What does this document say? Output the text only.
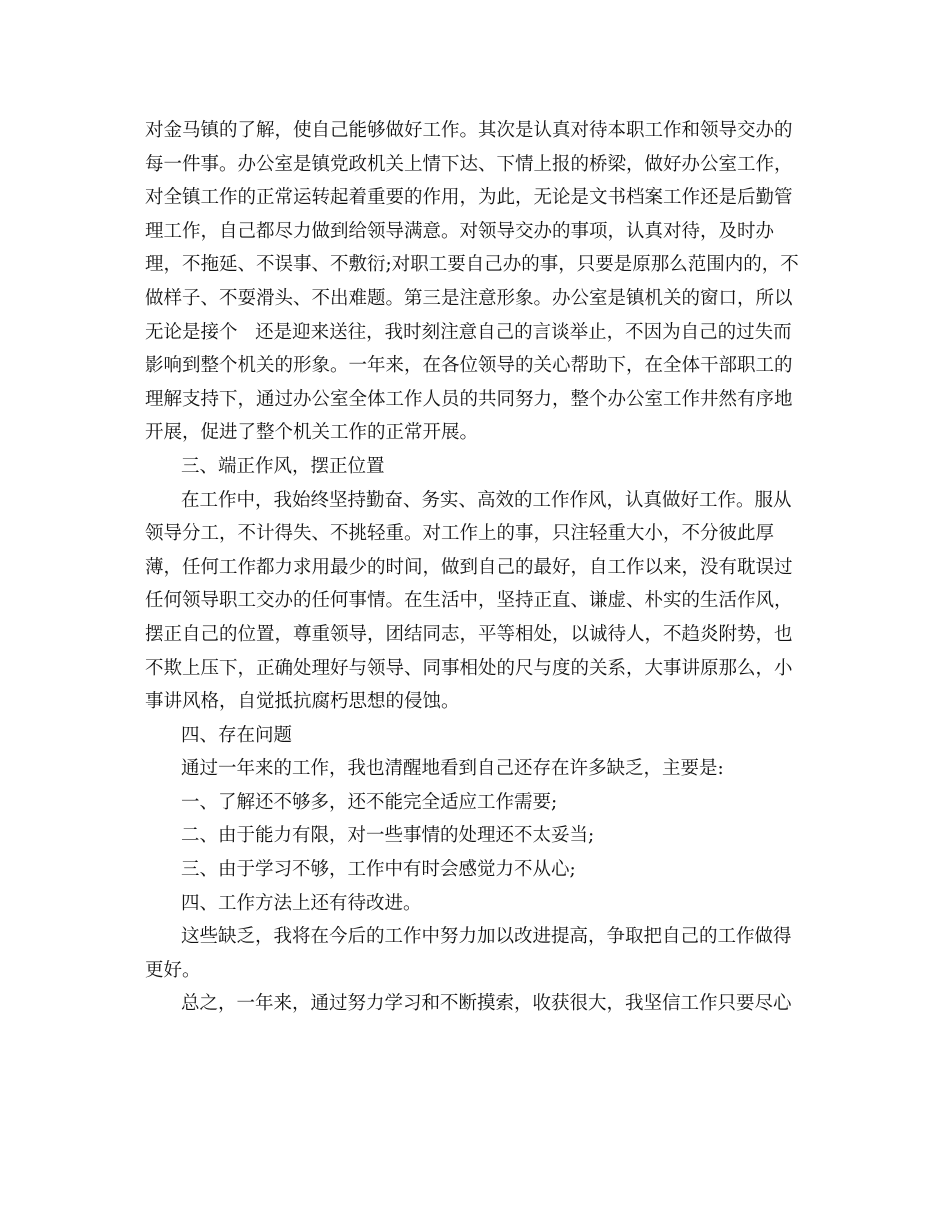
对金马镇的了解，使自己能够做好工作。其次是认真对待本职工作和领导交办的
每一件事。办公室是镇党政机关上情下达、下情上报的桥梁，做好办公室工作，
对全镇工作的正常运转起着重要的作用，为此，无论是文书档案工作还是后勤管
理工作，自己都尽力做到给领导满意。对领导交办的事项，认真对待，及时办
理，不拖延、不误事、不敷衍;对职工要自己办的事，只要是原那么范围内的，不
做样子、不耍滑头、不出难题。第三是注意形象。办公室是镇机关的窗口，所以
无论是接个   还是迎来送往，我时刻注意自己的言谈举止，不因为自己的过失而
影响到整个机关的形象。一年来，在各位领导的关心帮助下，在全体干部职工的
理解支持下，通过办公室全体工作人员的共同努力，整个办公室工作井然有序地
开展，促进了整个机关工作的正常开展。
三、端正作风，摆正位置
在工作中，我始终坚持勤奋、务实、高效的工作作风，认真做好工作。服从
领导分工，不计得失、不挑轻重。对工作上的事，只注轻重大小，不分彼此厚
薄，任何工作都力求用最少的时间，做到自己的最好，自工作以来，没有耽误过
任何领导职工交办的任何事情。在生活中，坚持正直、谦虚、朴实的生活作风，
摆正自己的位置，尊重领导，团结同志，平等相处，以诚待人，不趋炎附势，也
不欺上压下，正确处理好与领导、同事相处的尺与度的关系，大事讲原那么，小
事讲风格，自觉抵抗腐朽思想的侵蚀。
四、存在问题
通过一年来的工作，我也清醒地看到自己还存在许多缺乏，主要是:
一、了解还不够多，还不能完全适应工作需要;
二、由于能力有限，对一些事情的处理还不太妥当;
三、由于学习不够，工作中有时会感觉力不从心;
四、工作方法上还有待改进。
这些缺乏，我将在今后的工作中努力加以改进提高，争取把自己的工作做得
更好。
总之，一年来，通过努力学习和不断摸索，收获很大，我坚信工作只要尽心
